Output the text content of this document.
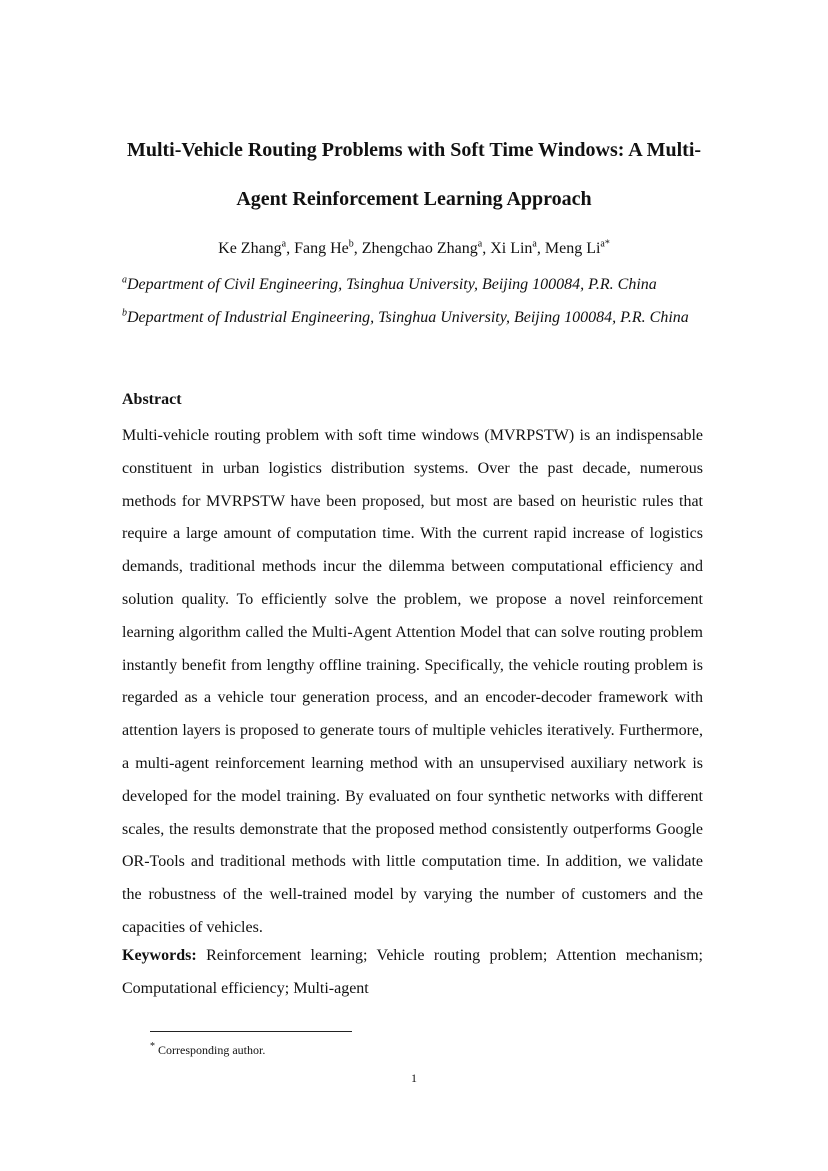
Multi-Vehicle Routing Problems with Soft Time Windows: A Multi-
Agent Reinforcement Learning Approach
Ke Zhang$^a$, Fang He$^b$, Zhengchao Zhang$^a$, Xi Lin$^a$, Meng $Li^{a*}$
$^a$Department of Civil Engineering, Tsinghua University, Beijing 100084, P.R. China
$^b$Department of Industrial Engineering, Tsinghua University, Beijing 100084, P.R. China
Abstract

Multi-vehicle routing problem with soft time windows (MVRPSTW) is an indispensable constituent in urban logistics distribution systems. Over the past decade, numerous methods for MVRPSTW have been proposed, but most are based on heuristic rules that require a large amount of computation time. With the current rapid increase of logistics demands, traditional methods incur the dilemma between computational efficiency and solution quality. To efficiently solve the problem, we propose a novel reinforcement learning algorithm called the Multi-Agent Attention Model that can solve routing problem instantly benefit from lengthy offline training. Specifically, the vehicle routing problem is regarded as a vehicle tour generation process, and an encoder-decoder framework with attention layers is proposed to generate tours of multiple vehicles iteratively. Furthermore, a multi-agent reinforcement learning method with an unsupervised auxiliary network is developed for the model training. By evaluated on four synthetic networks with different scales, the results demonstrate that the proposed method consistently outperforms Google OR-Tools and traditional methods with little computation time. In addition, we validate the robustness of the well-trained model by varying the number of customers and the capacities of vehicles.

Keywords: Reinforcement learning; Vehicle routing problem; Attention mechanism; Computational efficiency; Multi-agent

* Corresponding author.
1
